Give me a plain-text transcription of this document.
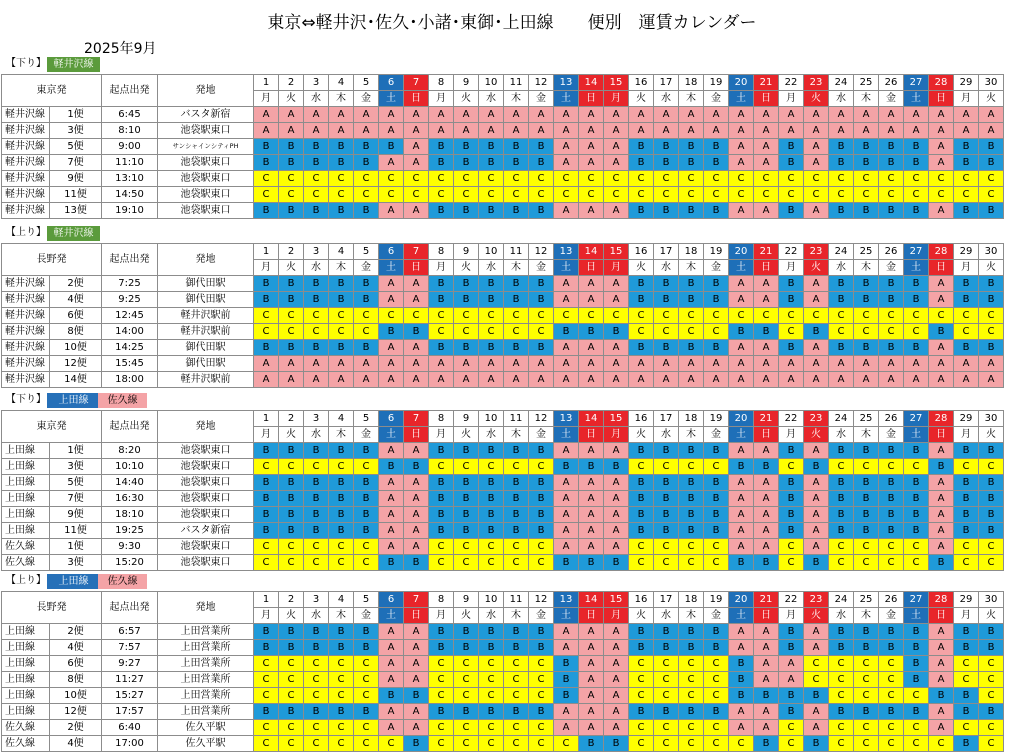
東京⇔軽井沢･佐久･小諸･東御･上田線　　便別　運賃カレンダー
2025年9月
【下り】 軽井沢線
東京発		起点出発	発地	1	2	3	4	5	6	7	8	9	10	11	12	13	14	15	16	17	18	19	20	21	22	23	24	25	26	27	28	29	30
				月	火	水	木	金	土	日	月	火	水	木	金	土	日	月	火	水	木	金	土	日	月	火	水	木	金	土	日	月	火
軽井沢線	1便	6:45	バスタ新宿	A	A	A	A	A	A	A	A	A	A	A	A	A	A	A	A	A	A	A	A	A	A	A	A	A	A	A	A	A	A
軽井沢線	3便	8:10	池袋駅東口	A	A	A	A	A	A	A	A	A	A	A	A	A	A	A	A	A	A	A	A	A	A	A	A	A	A	A	A	A	A
軽井沢線	5便	9:00	サンシャインシティPH	B	B	B	B	B	B	A	B	B	B	B	B	A	A	A	B	B	B	B	A	A	B	A	B	B	B	B	A	B	B
軽井沢線	7便	11:10	池袋駅東口	B	B	B	B	B	A	A	B	B	B	B	B	A	A	A	B	B	B	B	A	A	B	A	B	B	B	B	A	B	B
軽井沢線	9便	13:10	池袋駅東口	C	C	C	C	C	C	C	C	C	C	C	C	C	C	C	C	C	C	C	C	C	C	C	C	C	C	C	C	C	C
軽井沢線	11便	14:50	池袋駅東口	C	C	C	C	C	C	C	C	C	C	C	C	C	C	C	C	C	C	C	C	C	C	C	C	C	C	C	C	C	C
軽井沢線	13便	19:10	池袋駅東口	B	B	B	B	B	A	A	B	B	B	B	B	A	A	A	B	B	B	B	A	A	B	A	B	B	B	B	A	B	B
【上り】 軽井沢線
長野発		起点出発	発地	1	2	3	4	5	6	7	8	9	10	11	12	13	14	15	16	17	18	19	20	21	22	23	24	25	26	27	28	29	30
				月	火	水	木	金	土	日	月	火	水	木	金	土	日	月	火	水	木	金	土	日	月	火	水	木	金	土	日	月	火
軽井沢線	2便	7:25	御代田駅	B	B	B	B	B	A	A	B	B	B	B	B	A	A	A	B	B	B	B	A	A	B	A	B	B	B	B	A	B	B
軽井沢線	4便	9:25	御代田駅	B	B	B	B	B	A	A	B	B	B	B	B	A	A	A	B	B	B	B	A	A	B	A	B	B	B	B	A	B	B
軽井沢線	6便	12:45	軽井沢駅前	C	C	C	C	C	C	C	C	C	C	C	C	C	C	C	C	C	C	C	C	C	C	C	C	C	C	C	C	C	C
軽井沢線	8便	14:00	軽井沢駅前	C	C	C	C	C	B	B	C	C	C	C	C	B	B	B	C	C	C	C	B	B	C	B	C	C	C	C	B	C	C
軽井沢線	10便	14:25	御代田駅	B	B	B	B	B	A	A	B	B	B	B	B	A	A	A	B	B	B	B	A	A	B	A	B	B	B	B	A	B	B
軽井沢線	12便	15:45	御代田駅	A	A	A	A	A	A	A	A	A	A	A	A	A	A	A	A	A	A	A	A	A	A	A	A	A	A	A	A	A	A
軽井沢線	14便	18:00	軽井沢駅前	A	A	A	A	A	A	A	A	A	A	A	A	A	A	A	A	A	A	A	A	A	A	A	A	A	A	A	A	A	A
【下り】	上田線	佐久線
東京発		起点出発	発地	1	2	3	4	5	6	7	8	9	10	11	12	13	14	15	16	17	18	19	20	21	22	23	24	25	26	27	28	29	30
				月	火	水	木	金	土	日	月	火	水	木	金	土	日	月	火	水	木	金	土	日	月	火	水	木	金	土	日	月	火
上田線	1便	8:20	池袋駅東口	B	B	B	B	B	A	A	B	B	B	B	B	A	A	A	B	B	B	B	A	A	B	A	B	B	B	B	A	B	B
上田線	3便	10:10	池袋駅東口	C	C	C	C	C	B	B	C	C	C	C	C	B	B	B	C	C	C	C	B	B	C	B	C	C	C	C	B	C	C
上田線	5便	14:40	池袋駅東口	B	B	B	B	B	A	A	B	B	B	B	B	A	A	A	B	B	B	B	A	A	B	A	B	B	B	B	A	B	B
上田線	7便	16:30	池袋駅東口	B	B	B	B	B	A	A	B	B	B	B	B	A	A	A	B	B	B	B	A	A	B	A	B	B	B	B	A	B	B
上田線	9便	18:10	池袋駅東口	B	B	B	B	B	A	A	B	B	B	B	B	A	A	A	B	B	B	B	A	A	B	A	B	B	B	B	A	B	B
上田線	11便	19:25	バスタ新宿	B	B	B	B	B	A	A	B	B	B	B	B	A	A	A	B	B	B	B	A	A	B	A	B	B	B	B	A	B	B
佐久線	1便	9:30	池袋駅東口	C	C	C	C	C	A	A	C	C	C	C	C	A	A	A	C	C	C	C	A	A	C	A	C	C	C	C	A	C	C
佐久線	3便	15:20	池袋駅東口	C	C	C	C	C	B	B	C	C	C	C	C	B	B	B	C	C	C	C	B	B	C	B	C	C	C	C	B	C	C
【上り】	上田線	佐久線
長野発		起点出発	発地	1	2	3	4	5	6	7	8	9	10	11	12	13	14	15	16	17	18	19	20	21	22	23	24	25	26	27	28	29	30
				月	火	水	木	金	土	日	月	火	水	木	金	土	日	月	火	水	木	金	土	日	月	火	水	木	金	土	日	月	火
上田線	2便	6:57	上田営業所	B	B	B	B	B	A	A	B	B	B	B	B	A	A	A	B	B	B	B	A	A	B	A	B	B	B	B	A	B	B
上田線	4便	7:57	上田営業所	B	B	B	B	B	A	A	B	B	B	B	B	A	A	A	B	B	B	B	A	A	B	A	B	B	B	B	A	B	B
上田線	6便	9:27	上田営業所	C	C	C	C	C	A	A	C	C	C	C	C	B	A	A	C	C	C	C	B	A	A	C	C	C	C	B	A	C	C
上田線	8便	11:27	上田営業所	C	C	C	C	C	A	A	C	C	C	C	C	B	A	A	C	C	C	C	B	A	A	C	C	C	C	B	A	C	C
上田線	10便	15:27	上田営業所	C	C	C	C	C	B	B	C	C	C	C	C	B	A	A	C	C	C	C	B	B	B	B	C	C	C	C	B	B	C
上田線	12便	17:57	上田営業所	B	B	B	B	B	A	A	B	B	B	B	B	A	A	A	B	B	B	B	A	A	B	A	B	B	B	B	A	B	B
佐久線	2便	6:40	佐久平駅	C	C	C	C	C	A	A	C	C	C	C	C	A	A	A	C	C	C	C	A	A	C	A	C	C	C	C	A	C	C
佐久線	4便	17:00	佐久平駅	C	C	C	C	C	C	B	C	C	C	C	C	C	B	B	C	C	C	C	C	B	C	B	C	C	C	C	C	B	C
